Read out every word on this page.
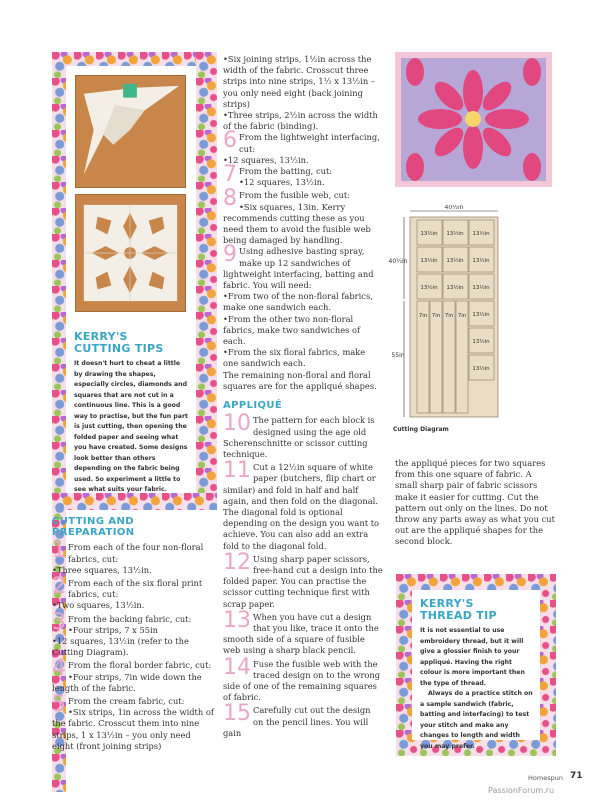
KERRY'S
CUTTING TIPS
It doesn't hurt to cheat a little by drawing the shapes, especially circles, diamonds and squares that are not cut in a continuous line. This is a good way to practise, but the fun part is just cutting, then opening the folded paper and seeing what you have created. Some designs look better than others depending on the fabric being used. So experiment a little to see what suits your fabric.
CUTTING AND PREPARATION
1 From each of the four non-floral fabrics, cut:
• Three squares, 13½in.
2 From each of the six floral print fabrics, cut:
• Two squares, 13½in.
3 From the backing fabric, cut:
• Four strips, 7 x 55in
• 12 squares, 13½in (refer to the Cutting Diagram).
4 From the floral border fabric, cut:
• Four strips, 7in wide down the length of the fabric.
5 From the cream fabric, cut:
• Six strips, 1in across the width of the fabric. Crosscut them into nine strips, 1 x 13½in – you only need eight (front joining strips)
• Six joining strips, 1½in across the width of the fabric. Crosscut three strips into nine strips, 1½ x 13½in – you only need eight (back joining strips)
• Three strips, 2½in across the width of the fabric (binding).
6 From the lightweight interfacing, cut:
• 12 squares, 13½in.
7 From the batting, cut:
• 12 squares, 13½in.
8 From the fusible web, cut:
• Six squares, 13in. Kerry recommends cutting these as you need them to avoid the fusible web being damaged by handling.
9 Using adhesive basting spray, make up 12 sandwiches of lightweight interfacing, batting and fabric. You will need:
• From two of the non-floral fabrics, make one sandwich each.
• From the other two non-floral fabrics, make two sandwiches of each.
• From the six floral fabrics, make one sandwich each.
The remaining non-floral and floral squares are for the appliqué shapes.
APPLIQUÉ
10 The pattern for each block is designed using the age old Scherenschnitte or scissor cutting technique.
11 Cut a 12½in square of white paper (butchers, flip chart or similar) and fold in half and half again, and then fold on the diagonal. The diagonal fold is optional depending on the design you want to achieve. You can also add an extra fold to the diagonal fold.
12 Using sharp paper scissors, free-hand cut a design into the folded paper. You can practise the scissor cutting technique first with scrap paper.
13 When you have cut a design that you like, trace it onto the smooth side of a square of fusible web using a sharp black pencil.
14 Fuse the fusible web with the traced design on to the wrong side of one of the remaining squares of fabric.
15 Carefully cut out the design on the pencil lines. You will gain
13½in 13½in 13½in
13½in 13½in 13½in
13½in 13½in 13½in
13½in
13½in
13½in
7in 7in 7in 7in
40½in
40½in
55in
Cutting Diagram
the appliqué pieces for two squares from this one square of fabric. A small sharp pair of fabric scissors make it easier for cutting. Cut the pattern out only on the lines. Do not throw any parts away as what you cut out are the appliqué shapes for the second block.
KERRY'S
THREAD TIP
It is not essential to use embroidery thread, but it will give a glossier finish to your appliqué. Having the right colour is more important then the type of thread.
Always do a practice stitch on a sample sandwich (fabric, batting and interfacing) to test your stitch and make any changes to length and width you may prefer.
Homespun 71
PassionForum.ru
